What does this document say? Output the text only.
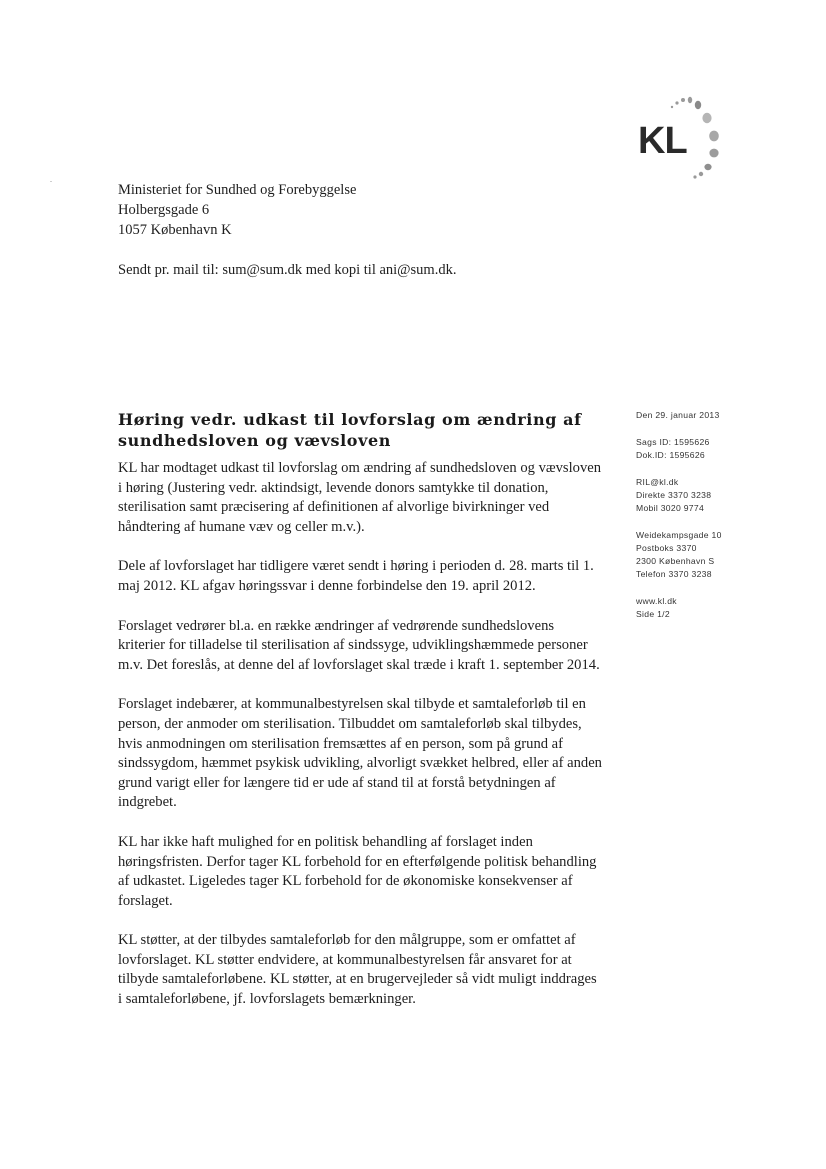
KL
Ministeriet for Sundhed og Forebyggelse
Holbergsgade 6
1057 København K
Sendt pr. mail til: sum@sum.dk med kopi til ani@sum.dk.
Høring vedr. udkast til lovforslag om ændring af sundhedsloven og vævsloven

KL har modtaget udkast til lovforslag om ændring af sundhedsloven og vævsloven i høring (Justering vedr. aktindsigt, levende donors samtykke til donation, sterilisation samt præcisering af definitionen af alvorlige bivirkninger ved håndtering af humane væv og celler m.v.).

Dele af lovforslaget har tidligere været sendt i høring i perioden d. 28. marts til 1. maj 2012. KL afgav høringssvar i denne forbindelse den 19. april 2012.

Forslaget vedrører bl.a. en række ændringer af vedrørende sundhedslovens kriterier for tilladelse til sterilisation af sindssyge, udviklingshæmmede personer m.v. Det foreslås, at denne del af lovforslaget skal træde i kraft 1. september 2014.

Forslaget indebærer, at kommunalbestyrelsen skal tilbyde et samtaleforløb til en person, der anmoder om sterilisation. Tilbuddet om samtaleforløb skal tilbydes, hvis anmodningen om sterilisation fremsættes af en person, som på grund af sindssygdom, hæmmet psykisk udvikling, alvorligt svækket helbred, eller af anden grund varigt eller for længere tid er ude af stand til at forstå betydningen af indgrebet.

KL har ikke haft mulighed for en politisk behandling af forslaget inden høringsfristen. Derfor tager KL forbehold for en efterfølgende politisk behandling af udkastet. Ligeledes tager KL forbehold for de økonomiske konsekvenser af forslaget.

KL støtter, at der tilbydes samtaleforløb for den målgruppe, som er omfattet af lovforslaget. KL støtter endvidere, at kommunalbestyrelsen får ansvaret for at tilbyde samtaleforløbene. KL støtter, at en brugervejleder så vidt muligt inddrages i samtaleforløbene, jf. lovforslagets bemærkninger.

Den 29. januar 2013
Sags ID: 1595626
Dok.ID: 1595626
RIL@kl.dk
Direkte 3370 3238
Mobil 3020 9774
Weidekampsgade 10
Postboks 3370
2300 København S
Telefon 3370 3238
www.kl.dk
Side 1/2
